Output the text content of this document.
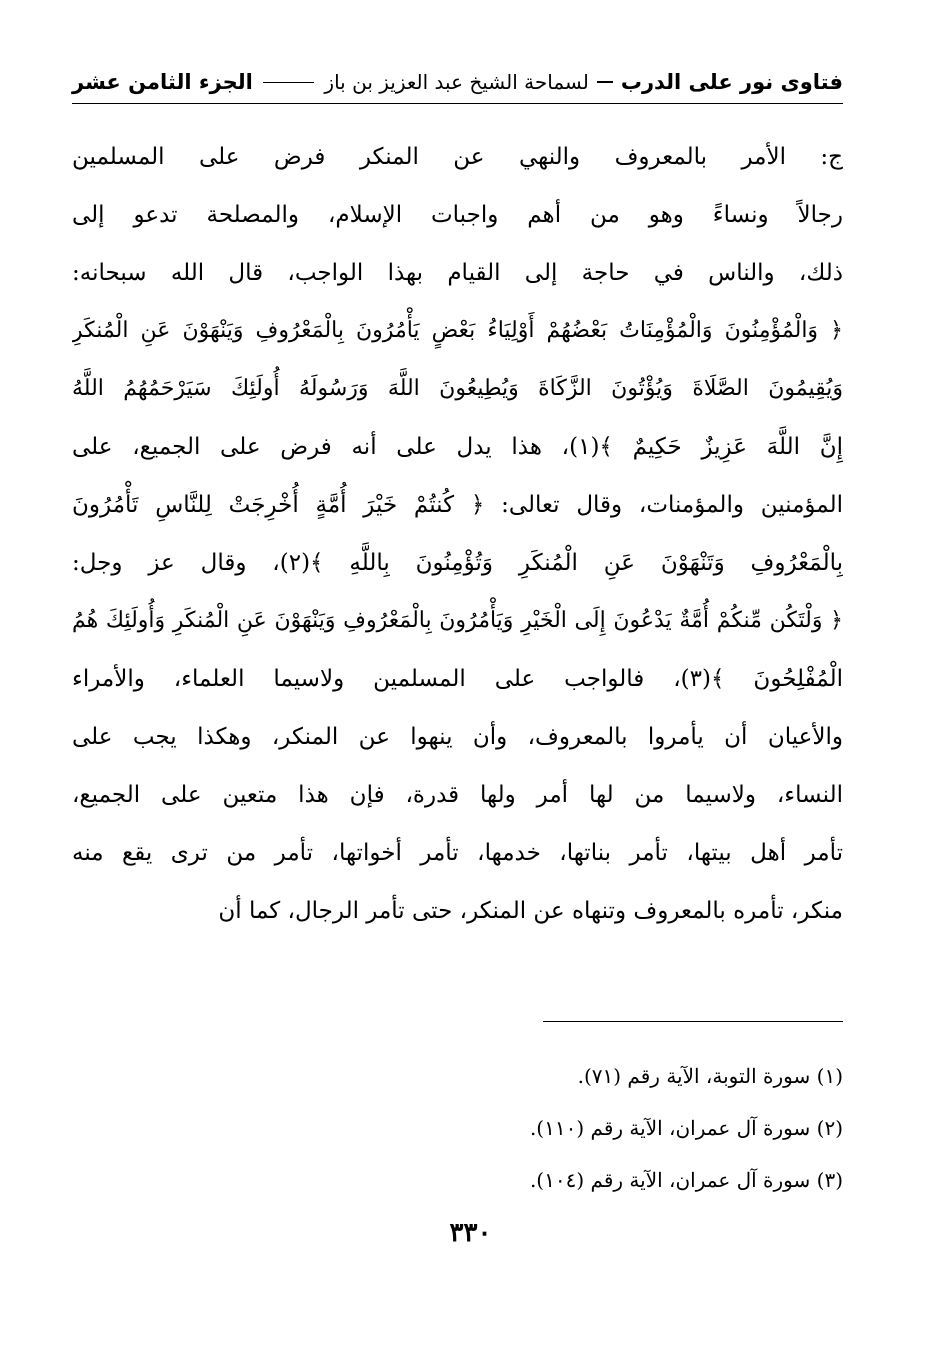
فتاوى نور على الدرب
لسماحة الشيخ عبد العزيز بن باز
الجزء الثامن عشر
ج: الأمر بالمعروف والنهي عن المنكر فرض على المسلمين
رجالاً ونساءً وهو من أهم واجبات الإسلام، والمصلحة تدعو إلى
ذلك، والناس في حاجة إلى القيام بهذا الواجب، قال الله سبحانه:
﴿ وَالْمُؤْمِنُونَ وَالْمُؤْمِنَاتُ بَعْضُهُمْ أَوْلِيَاءُ بَعْضٍ يَأْمُرُونَ بِالْمَعْرُوفِ وَيَنْهَوْنَ عَنِ الْمُنكَرِ
وَيُقِيمُونَ الصَّلَاةَ وَيُؤْتُونَ الزَّكَاةَ وَيُطِيعُونَ اللَّهَ وَرَسُولَهُ أُولَئِكَ سَيَرْحَمُهُمُ اللَّهُ
إِنَّ اللَّهَ عَزِيزٌ حَكِيمٌ ﴾(١)، هذا يدل على أنه فرض على الجميع، على
المؤمنين والمؤمنات، وقال تعالى: ﴿ كُنتُمْ خَيْرَ أُمَّةٍ أُخْرِجَتْ لِلنَّاسِ تَأْمُرُونَ
بِالْمَعْرُوفِ وَتَنْهَوْنَ عَنِ الْمُنكَرِ وَتُؤْمِنُونَ بِاللَّهِ ﴾(٢)، وقال عز وجل:
﴿ وَلْتَكُن مِّنكُمْ أُمَّةٌ يَدْعُونَ إِلَى الْخَيْرِ وَيَأْمُرُونَ بِالْمَعْرُوفِ وَيَنْهَوْنَ عَنِ الْمُنكَرِ وَأُولَئِكَ هُمُ
الْمُفْلِحُونَ ﴾(٣)، فالواجب على المسلمين ولاسيما العلماء، والأمراء
والأعيان أن يأمروا بالمعروف، وأن ينهوا عن المنكر، وهكذا يجب على
النساء، ولاسيما من لها أمر ولها قدرة، فإن هذا متعين على الجميع،
تأمر أهل بيتها، تأمر بناتها، خدمها، تأمر أخواتها، تأمر من ترى يقع منه
منكر، تأمره بالمعروف وتنهاه عن المنكر، حتى تأمر الرجال، كما أن
(١) سورة التوبة، الآية رقم (٧١).
(٢) سورة آل عمران، الآية رقم (١١٠).
(٣) سورة آل عمران، الآية رقم (١٠٤).
٣٣٠
